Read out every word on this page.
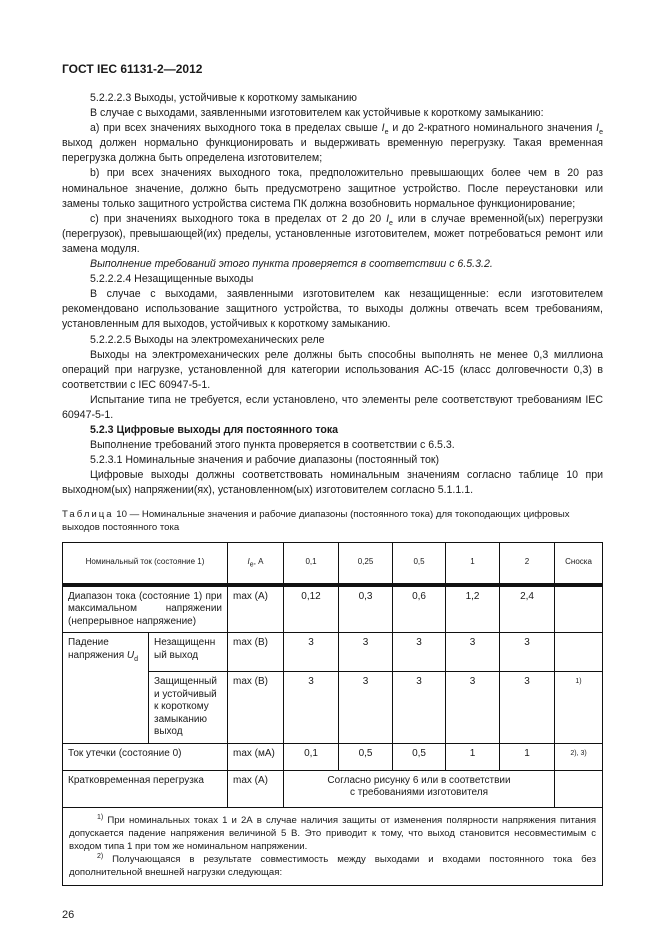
ГОСТ IEC 61131-2—2012

5.2.2.2.3 Выходы, устойчивые к короткому замыканию

В случае с выходами, заявленными изготовителем как устойчивые к короткому замыканию:

а) при всех значениях выходного тока в пределах свыше $I_e$ и до 2-кратного номинального значения $I_e$ выход должен нормально функционировать и выдерживать временную перегрузку. Такая временная перегрузка должна быть определена изготовителем;

b) при всех значениях выходного тока, предположительно превышающих более чем в 20 раз номинальное значение, должно быть предусмотрено защитное устройство. После переустановки или замены только защитного устройства система ПК должна возобновить нормальное функционирование;

с) при значениях выходного тока в пределах от 2 до 20 $I_e$ или в случае временной(ых) перегрузки (перегрузок), превышающей(их) пределы, установленные изготовителем, может потребоваться ремонт или замена модуля.

Выполнение требований этого пункта проверяется в соответствии с 6.5.3.2.

5.2.2.2.4 Незащищенные выходы

В случае с выходами, заявленными изготовителем как незащищенные: если изготовителем рекомендовано использование защитного устройства, то выходы должны отвечать всем требованиям, установленным для выходов, устойчивых к короткому замыканию.

5.2.2.2.5 Выходы на электромеханических реле

Выходы на электромеханических реле должны быть способны выполнять не менее 0,3 миллиона операций при нагрузке, установленной для категории использования АС-15 (класс долговечности 0,3) в соответствии с IEC 60947-5-1.

Испытание типа не требуется, если установлено, что элементы реле соответствуют требованиям IEC 60947-5-1.

5.2.3 Цифровые выходы для постоянного тока

Выполнение требований этого пункта проверяется в соответствии с 6.5.3.

5.2.3.1 Номинальные значения и рабочие диапазоны (постоянный ток)

Цифровые выходы должны соответствовать номинальным значениям согласно таблице 10 при выходном(ых) напряжении(ях), установленном(ых) изготовителем согласно 5.1.1.1.

Таблица 10 — Номинальные значения и рабочие диапазоны (постоянного тока) для токоподающих цифровых выходов постоянного тока

Номинальный ток (состояние 1)		$I_e$, А	0,1	0,25	0,5	1	2	Сноска
Диапазон тока (состояние 1) при максимальном напряжении (непрерывное напряжение)		max (А)	0,12	0,3	0,6	1,2	2,4	
Падение напряжения $U_d$	Незащищенный выход	max (В)	3	3	3	3	3	
	Защищенный и устойчивый к короткому замыканию выход	max (В)	3	3	3	3	3	1)
Ток утечки (состояние 0)		max (мА)	0,1	0,5	0,5	1	1	2), 3)
Кратковременная перегрузка		max (А)	Согласно рисунку 6 или в соответствии с требованиями изготовителя					

$^{1)}$ При номинальных токах 1 и 2А в случае наличия защиты от изменения полярности напряжения питания допускается падение напряжения величиной 5 В. Это приводит к тому, что выход становится несовместимым с входом типа 1 при том же номинальном напряжении.
$^{2)}$ Получающаяся в результате совместимость между выходами и входами постоянного тока без дополнительной внешней нагрузки следующая:								
26
